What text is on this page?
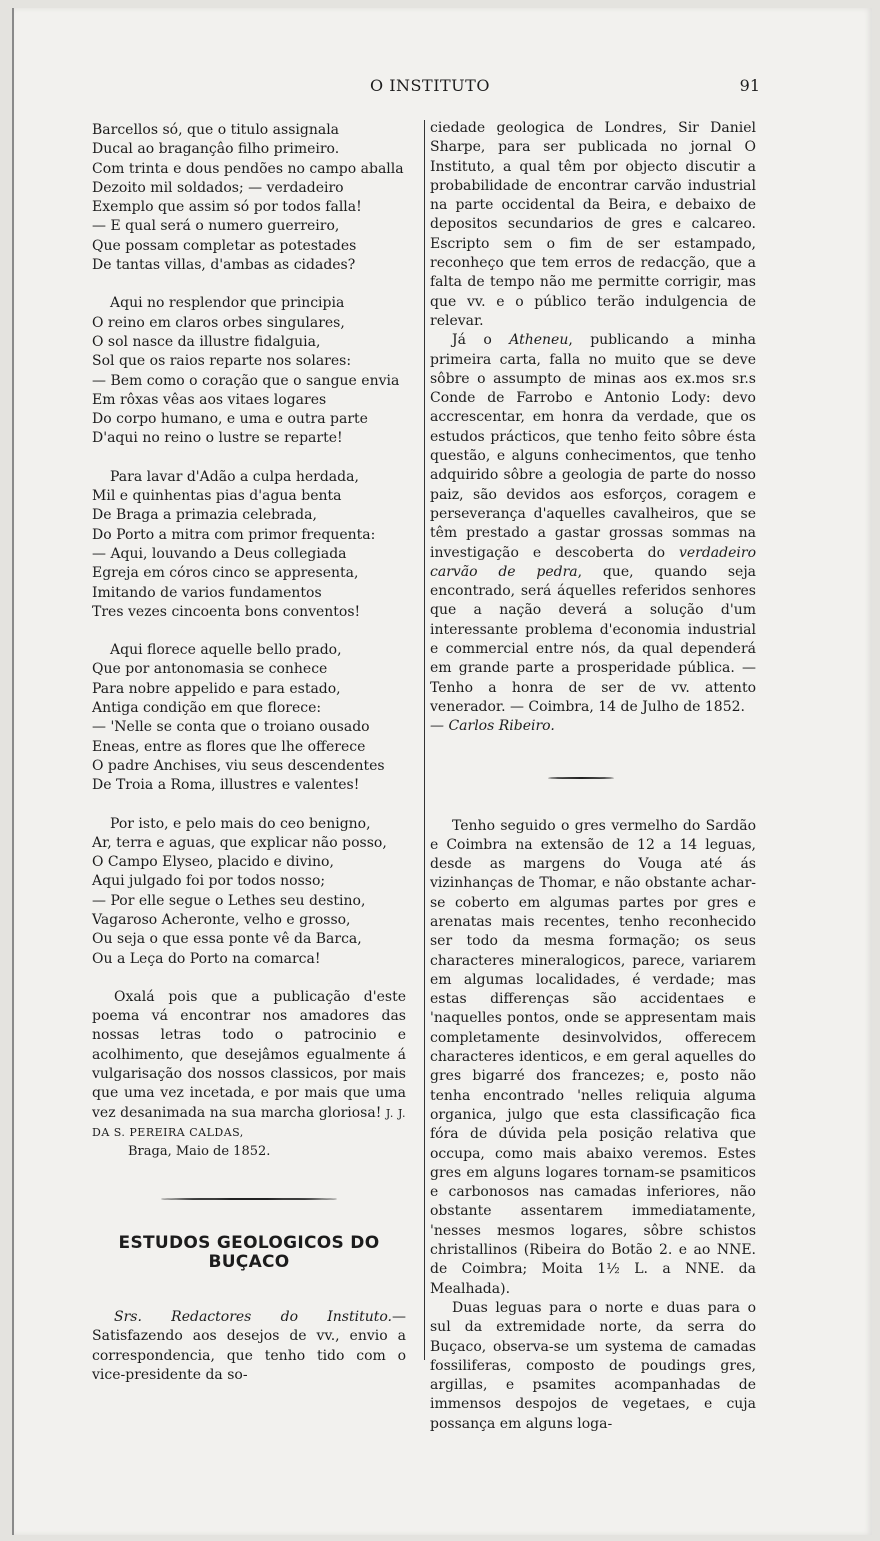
O INSTITUTO	91
Barcellos só, que o titulo assignala
Ducal ao bragançâo filho primeiro.
Com trinta e dous pendões no campo aballa
Dezoito mil soldados; — verdadeiro
Exemplo que assim só por todos falla!
— E qual será o numero guerreiro,
Que possam completar as potestades
De tantas villas, d'ambas as cidades?
Aqui no resplendor que principia
O reino em claros orbes singulares,
O sol nasce da illustre fidalguia,
Sol que os raios reparte nos solares:
— Bem como o coração que o sangue envia
Em rôxas vêas aos vitaes logares
Do corpo humano, e uma e outra parte
D'aqui no reino o lustre se reparte!
Para lavar d'Adão a culpa herdada,
Mil e quinhentas pias d'agua benta
De Braga a primazia celebrada,
Do Porto a mitra com primor frequenta:
— Aqui, louvando a Deus collegiada
Egreja em córos cinco se appresenta,
Imitando de varios fundamentos
Tres vezes cincoenta bons conventos!
Aqui florece aquelle bello prado,
Que por antonomasia se conhece
Para nobre appelido e para estado,
Antiga condição em que florece:
— 'Nelle se conta que o troiano ousado
Eneas, entre as flores que lhe offerece
O padre Anchises, viu seus descendentes
De Troia a Roma, illustres e valentes!
Por isto, e pelo mais do ceo benigno,
Ar, terra e aguas, que explicar não posso,
O Campo Elyseo, placido e divino,
Aqui julgado foi por todos nosso;
— Por elle segue o Lethes seu destino,
Vagaroso Acheronte, velho e grosso,
Ou seja o que essa ponte vê da Barca,
Ou a Leça do Porto na comarca!

Oxalá pois que a publicação d'este poema vá encontrar nos amadores das nossas letras todo o patrocinio e acolhimento, que desejâmos egualmente á vulgarisação dos nossos classicos, por mais que uma vez incetada, e por mais que uma vez desanimada na sua marcha gloriosa! J. J. DA S. PEREIRA CALDAS,

Braga, Maio de 1852.
ESTUDOS GEOLOGICOS DO BUÇACO

Srs. Redactores do Instituto.— Satisfazendo aos desejos de vv., envio a correspondencia, que tenho tido com o vice-presidente da so-

ciedade geologica de Londres, Sir Daniel Sharpe, para ser publicada no jornal O Instituto, a qual têm por objecto discutir a probabilidade de encontrar carvão industrial na parte occidental da Beira, e debaixo de depositos secundarios de gres e calcareo. Escripto sem o fim de ser estampado, reconheço que tem erros de redacção, que a falta de tempo não me permitte corrigir, mas que vv. e o público terão indulgencia de relevar.

Já o Atheneu, publicando a minha primeira carta, falla no muito que se deve sôbre o assumpto de minas aos ex.mos sr.s Conde de Farrobo e Antonio Lody: devo accrescentar, em honra da verdade, que os estudos prácticos, que tenho feito sôbre ésta questão, e alguns conhecimentos, que tenho adquirido sôbre a geologia de parte do nosso paiz, são devidos aos esforços, coragem e perseverança d'aquelles cavalheiros, que se têm prestado a gastar grossas sommas na investigação e descoberta do verdadeiro carvão de pedra, que, quando seja encontrado, será áquelles referidos senhores que a nação deverá a solução d'um interessante problema d'economia industrial e commercial entre nós, da qual dependerá em grande parte a prosperidade pública. — Tenho a honra de ser de vv. attento venerador. — Coimbra, 14 de Julho de 1852.

— Carlos Ribeiro.

Tenho seguido o gres vermelho do Sardão e Coimbra na extensão de 12 a 14 leguas, desde as margens do Vouga até ás vizinhanças de Thomar, e não obstante achar-se coberto em algumas partes por gres e arenatas mais recentes, tenho reconhecido ser todo da mesma formação; os seus characteres mineralogicos, parece, variarem em algumas localidades, é verdade; mas estas differenças são accidentaes e 'naquelles pontos, onde se appresentam mais completamente desinvolvidos, offerecem characteres identicos, e em geral aquelles do gres bigarré dos francezes; e, posto não tenha encontrado 'nelles reliquia alguma organica, julgo que esta classificação fica fóra de dúvida pela posição relativa que occupa, como mais abaixo veremos. Estes gres em alguns logares tornam-se psamiticos e carbonosos nas camadas inferiores, não obstante assentarem immediatamente, 'nesses mesmos logares, sôbre schistos christallinos (Ribeira do Botão 2. e ao NNE. de Coimbra; Moita 1½ L. a NNE. da Mealhada).

Duas leguas para o norte e duas para o sul da extremidade norte, da serra do Buçaco, observa-se um systema de camadas fossiliferas, composto de poudings gres, argillas, e psamites acompanhadas de immensos despojos de vegetaes, e cuja possança em alguns loga-
